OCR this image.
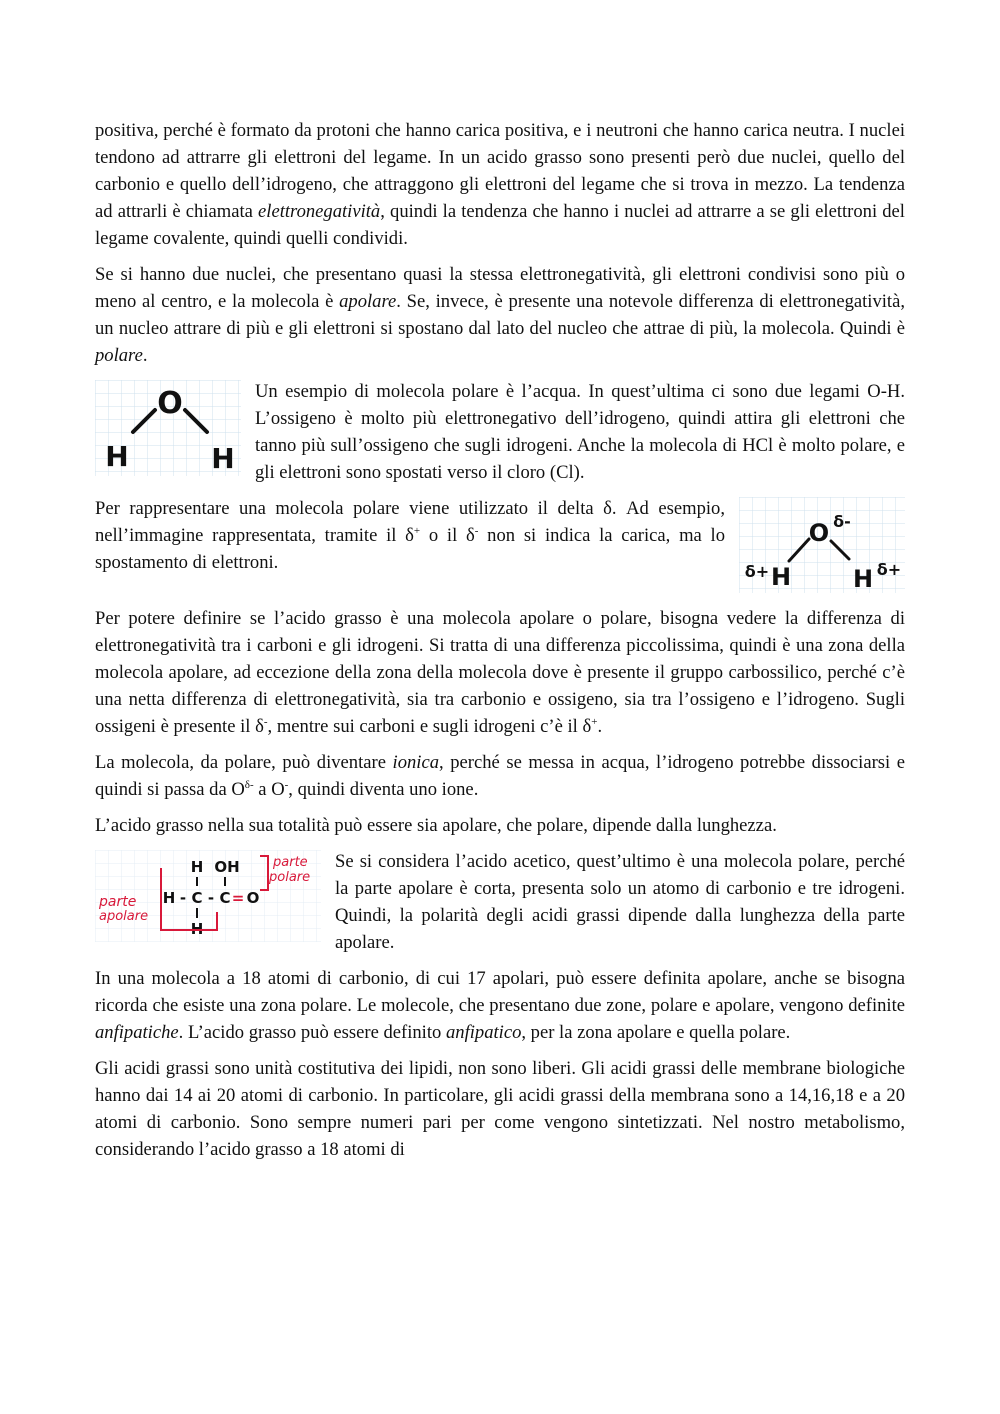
positiva, perché è formato da protoni che hanno carica positiva, e i neutroni che hanno carica neutra. I nuclei tendono ad attrarre gli elettroni del legame. In un acido grasso sono presenti però due nuclei, quello del carbonio e quello dell’idrogeno, che attraggono gli elettroni del legame che si trova in mezzo. La tendenza ad attrarli è chiamata elettronegatività, quindi la tendenza che hanno i nuclei ad attrarre a se gli elettroni del legame covalente, quindi quelli condividi.

Se si hanno due nuclei, che presentano quasi la stessa elettronegatività, gli elettroni condivisi sono più o meno al centro, e la molecola è apolare. Se, invece, è presente una notevole differenza di elettronegatività, un nucleo attrare di più e gli elettroni si spostano dal lato del nucleo che attrae di più, la molecola. Quindi è polare.

O
H	H

Un esempio di molecola polare è l’acqua. In quest’ultima ci sono due legami O-H. L’ossigeno è molto più elettronegativo dell’idrogeno, quindi attira gli elettroni che tanno più sull’ossigeno che sugli idrogeni. Anche la molecola di HCl è molto polare, e gli elettroni sono spostati verso il cloro (Cl).

O δ-
H
δ+	H δ+

Per rappresentare una molecola polare viene utilizzato il delta δ. Ad esempio, nell’immagine rappresentata, tramite il δ+ o il δ- non si indica la carica, ma lo spostamento di elettroni.

Per potere definire se l’acido grasso è una molecola apolare o polare, bisogna vedere la differenza di elettronegatività tra i carboni e gli idrogeni. Si tratta di una differenza piccolissima, quindi è una zona della molecola apolare, ad eccezione della zona della molecola dove è presente il gruppo carbossilico, perché c’è una netta differenza di elettronegatività, sia tra carbonio e ossigeno, sia tra l’ossigeno e l’idrogeno. Sugli ossigeni è presente il δ-, mentre sui carboni e sugli idrogeni c’è il δ+.

La molecola, da polare, può diventare ionica, perché se messa in acqua, l’idrogeno potrebbe dissociarsi e quindi si passa da $O^{\delta-}$ a O-, quindi diventa uno ione.

L’acido grasso nella sua totalità può essere sia apolare, che polare, dipende dalla lunghezza.

H OH
H - C - C = O
H
parte
polare
parte
apolare

Se si considera l’acido acetico, quest’ultimo è una molecola polare, perché la parte apolare è corta, presenta solo un atomo di carbonio e tre idrogeni. Quindi, la polarità degli acidi grassi dipende dalla lunghezza della parte apolare.

In una molecola a 18 atomi di carbonio, di cui 17 apolari, può essere definita apolare, anche se bisogna ricorda che esiste una zona polare. Le molecole, che presentano due zone, polare e apolare, vengono definite anfipatiche. L’acido grasso può essere definito anfipatico, per la zona apolare e quella polare.

Gli acidi grassi sono unità costitutiva dei lipidi, non sono liberi. Gli acidi grassi delle membrane biologiche hanno dai 14 ai 20 atomi di carbonio. In particolare, gli acidi grassi della membrana sono a 14,16,18 e a 20 atomi di carbonio. Sono sempre numeri pari per come vengono sintetizzati. Nel nostro metabolismo, considerando l’acido grasso a 18 atomi di
